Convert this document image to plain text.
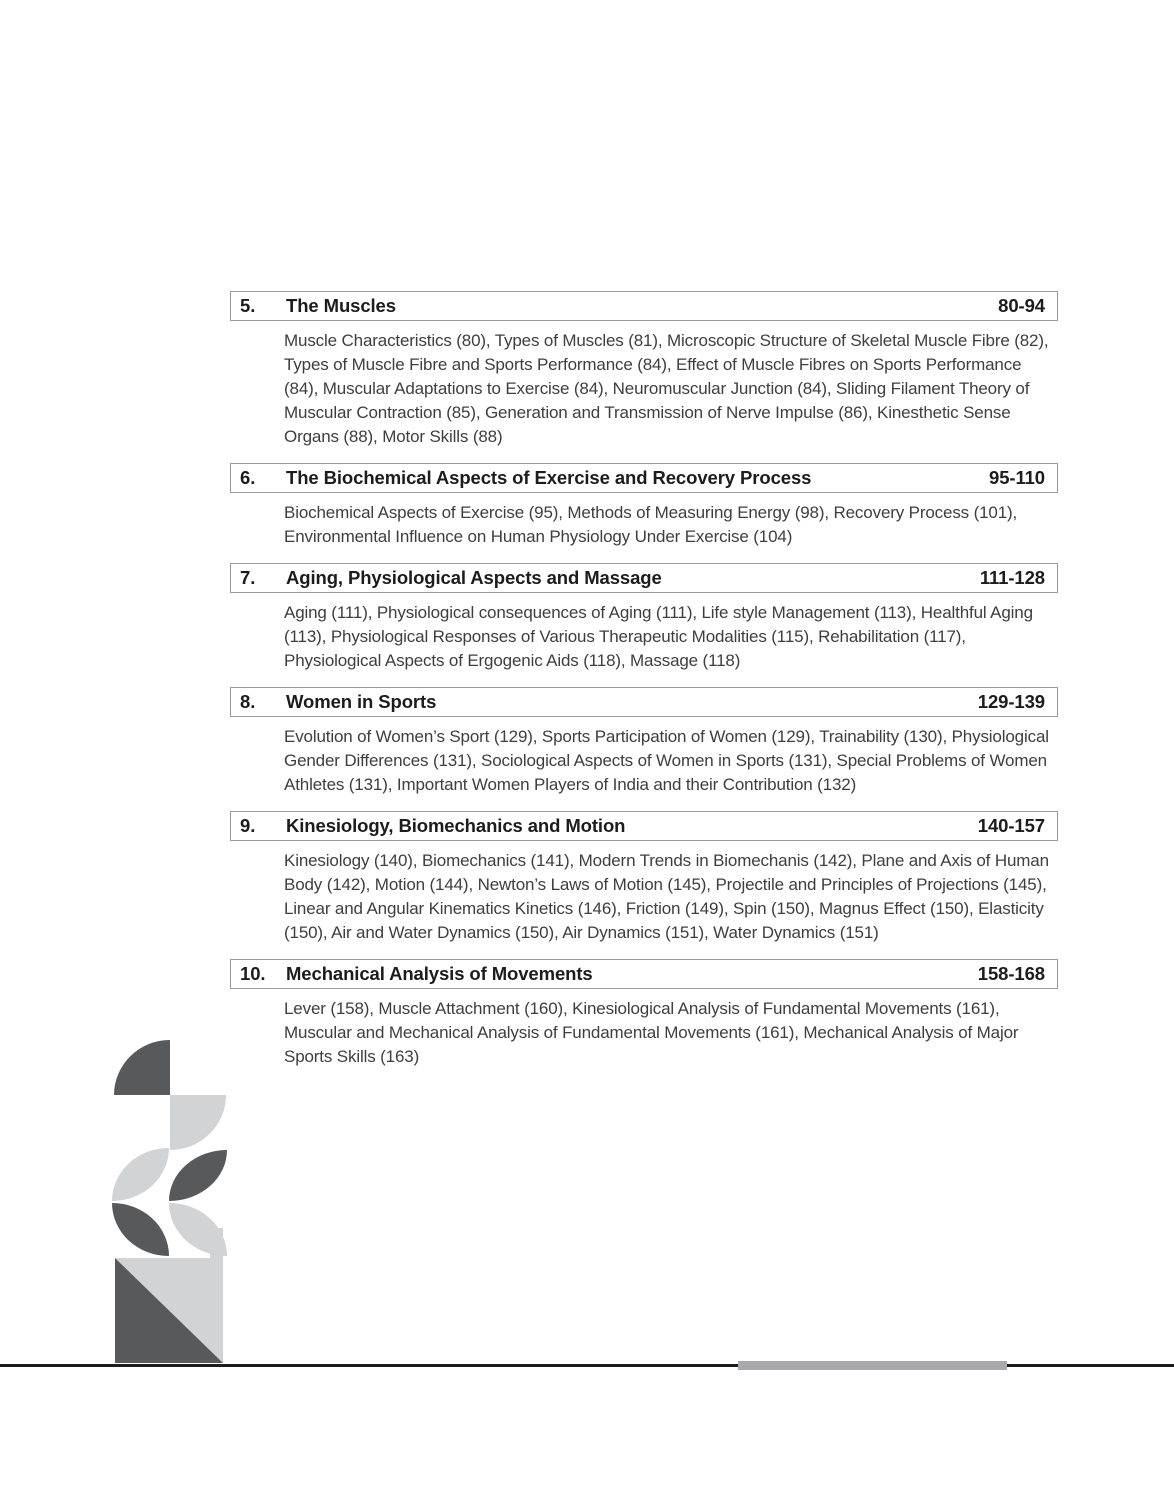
5.	The Muscles	80-94

Muscle Characteristics (80), Types of Muscles (81), Microscopic Structure of Skeletal Muscle Fibre (82), Types of Muscle Fibre and Sports Performance (84), Effect of Muscle Fibres on Sports Performance (84), Muscular Adaptations to Exercise (84), Neuromuscular Junction (84), Sliding Filament Theory of Muscular Contraction (85), Generation and Transmission of Nerve Impulse (86), Kinesthetic Sense Organs (88), Motor Skills (88)

6.	The Biochemical Aspects of Exercise and Recovery Process	95-110

Biochemical Aspects of Exercise (95), Methods of Measuring Energy (98), Recovery Process (101), Environmental Influence on Human Physiology Under Exercise (104)

7.	Aging, Physiological Aspects and Massage	111-128

Aging (111), Physiological consequences of Aging (111), Life style Management (113), Healthful Aging (113), Physiological Responses of Various Therapeutic Modalities (115), Rehabilitation (117), Physiological Aspects of Ergogenic Aids (118), Massage (118)

8.	Women in Sports	129-139

Evolution of Women’s Sport (129), Sports Participation of Women (129), Trainability (130), Physiological Gender Differences (131), Sociological Aspects of Women in Sports (131), Special Problems of Women Athletes (131), Important Women Players of India and their Contribution (132)

9.	Kinesiology, Biomechanics and Motion	140-157

Kinesiology (140), Biomechanics (141), Modern Trends in Biomechanis (142), Plane and Axis of Human Body (142), Motion (144), Newton’s Laws of Motion (145), Projectile and Principles of Projections (145), Linear and Angular Kinematics Kinetics (146), Friction (149), Spin (150), Magnus Effect (150), Elasticity (150), Air and Water Dynamics (150), Air Dynamics (151), Water Dynamics (151)

10.	Mechanical Analysis of Movements	158-168

Lever (158), Muscle Attachment (160), Kinesiological Analysis of Fundamental Movements (161), Muscular and Mechanical Analysis of Fundamental Movements (161), Mechanical Analysis of Major Sports Skills (163)
